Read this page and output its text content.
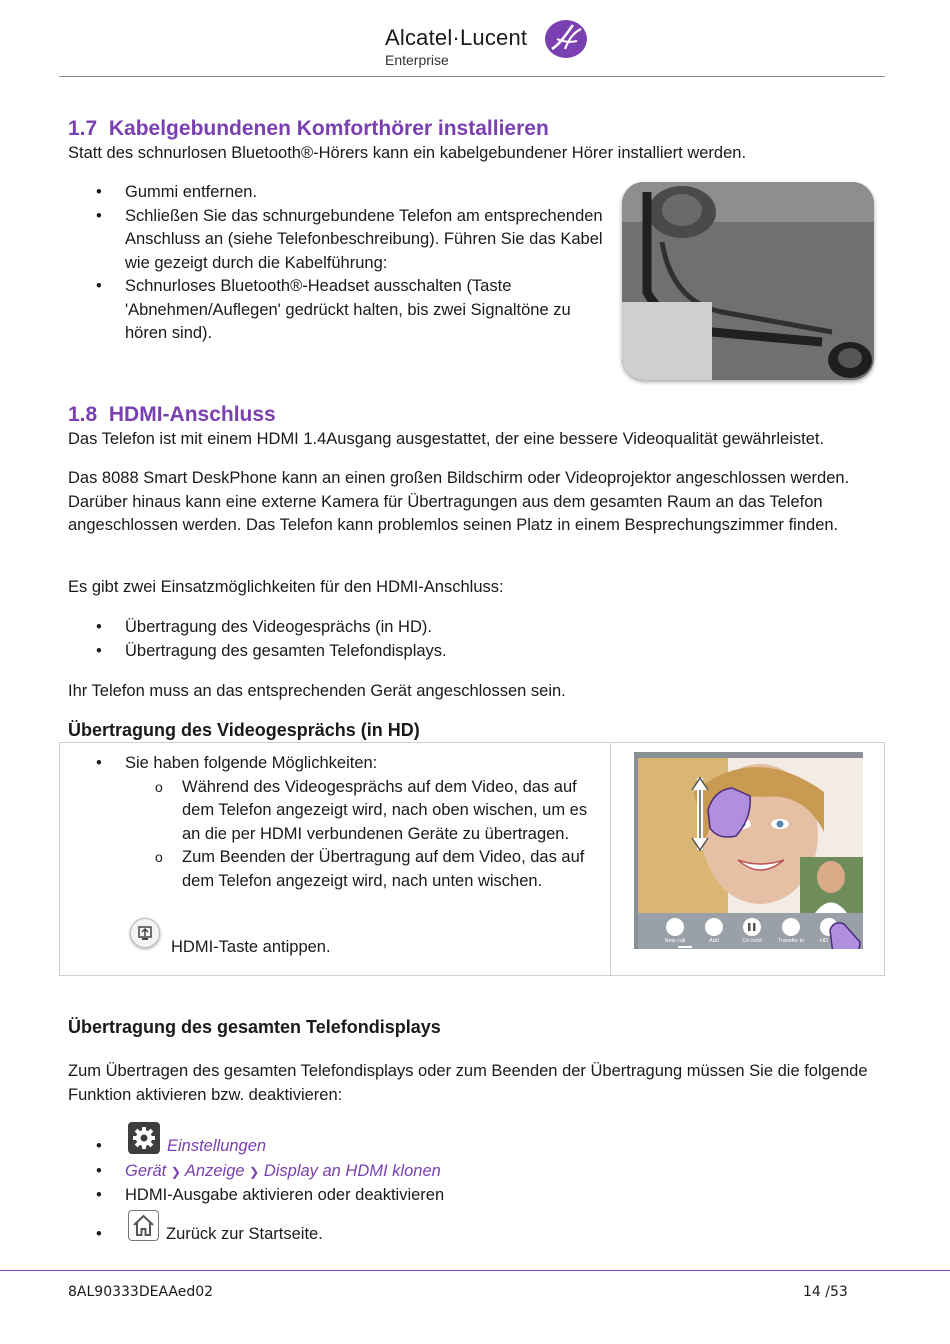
Alcatel·Lucent
Enterprise
1.7 Kabelgebundenen Komforthörer installieren

Statt des schnurlosen Bluetooth®-Hörers kann ein kabelgebundener Hörer installiert werden.

• Gummi entfernen.
• Schließen Sie das schnurgebundene Telefon am entsprechenden Anschluss an (siehe Telefonbeschreibung). Führen Sie das Kabel wie gezeigt durch die Kabelführung:
• Schnurloses Bluetooth®-Headset ausschalten (Taste 'Abnehmen/Auflegen' gedrückt halten, bis zwei Signaltöne zu hören sind).
1.8 HDMI-Anschluss

Das Telefon ist mit einem HDMI 1.4Ausgang ausgestattet, der eine bessere Videoqualität gewährleistet.

Das 8088 Smart DeskPhone kann an einen großen Bildschirm oder Videoprojektor angeschlossen werden. Darüber hinaus kann eine externe Kamera für Übertragungen aus dem gesamten Raum an das Telefon angeschlossen werden. Das Telefon kann problemlos seinen Platz in einem Besprechungszimmer finden.

Es gibt zwei Einsatzmöglichkeiten für den HDMI-Anschluss:

• Übertragung des Videogesprächs (in HD).
• Übertragung des gesamten Telefondisplays.

Ihr Telefon muss an das entsprechenden Gerät angeschlossen sein.

Übertragung des Videogesprächs (in HD)
• Sie haben folgende Möglichkeiten:
o Während des Videogesprächs auf dem Video, das auf dem Telefon angezeigt wird, nach oben wischen, um es an die per HDMI verbundenen Geräte zu übertragen.
o Zum Beenden der Übertragung auf dem Video, das auf dem Telefon angezeigt wird, nach unten wischen.

HDMI-Taste antippen.	New call	Add	On hold	Transfer to	HD
Übertragung des gesamten Telefondisplays

Zum Übertragen des gesamten Telefondisplays oder zum Beenden der Übertragung müssen Sie die folgende Funktion aktivieren bzw. deaktivieren:

•	Einstellungen
• Gerät ❯ Anzeige ❯ Display an HDMI klonen
• HDMI-Ausgabe aktivieren oder deaktivieren
•	Zurück zur Startseite.
8AL90333DEAAed02	14 /53
